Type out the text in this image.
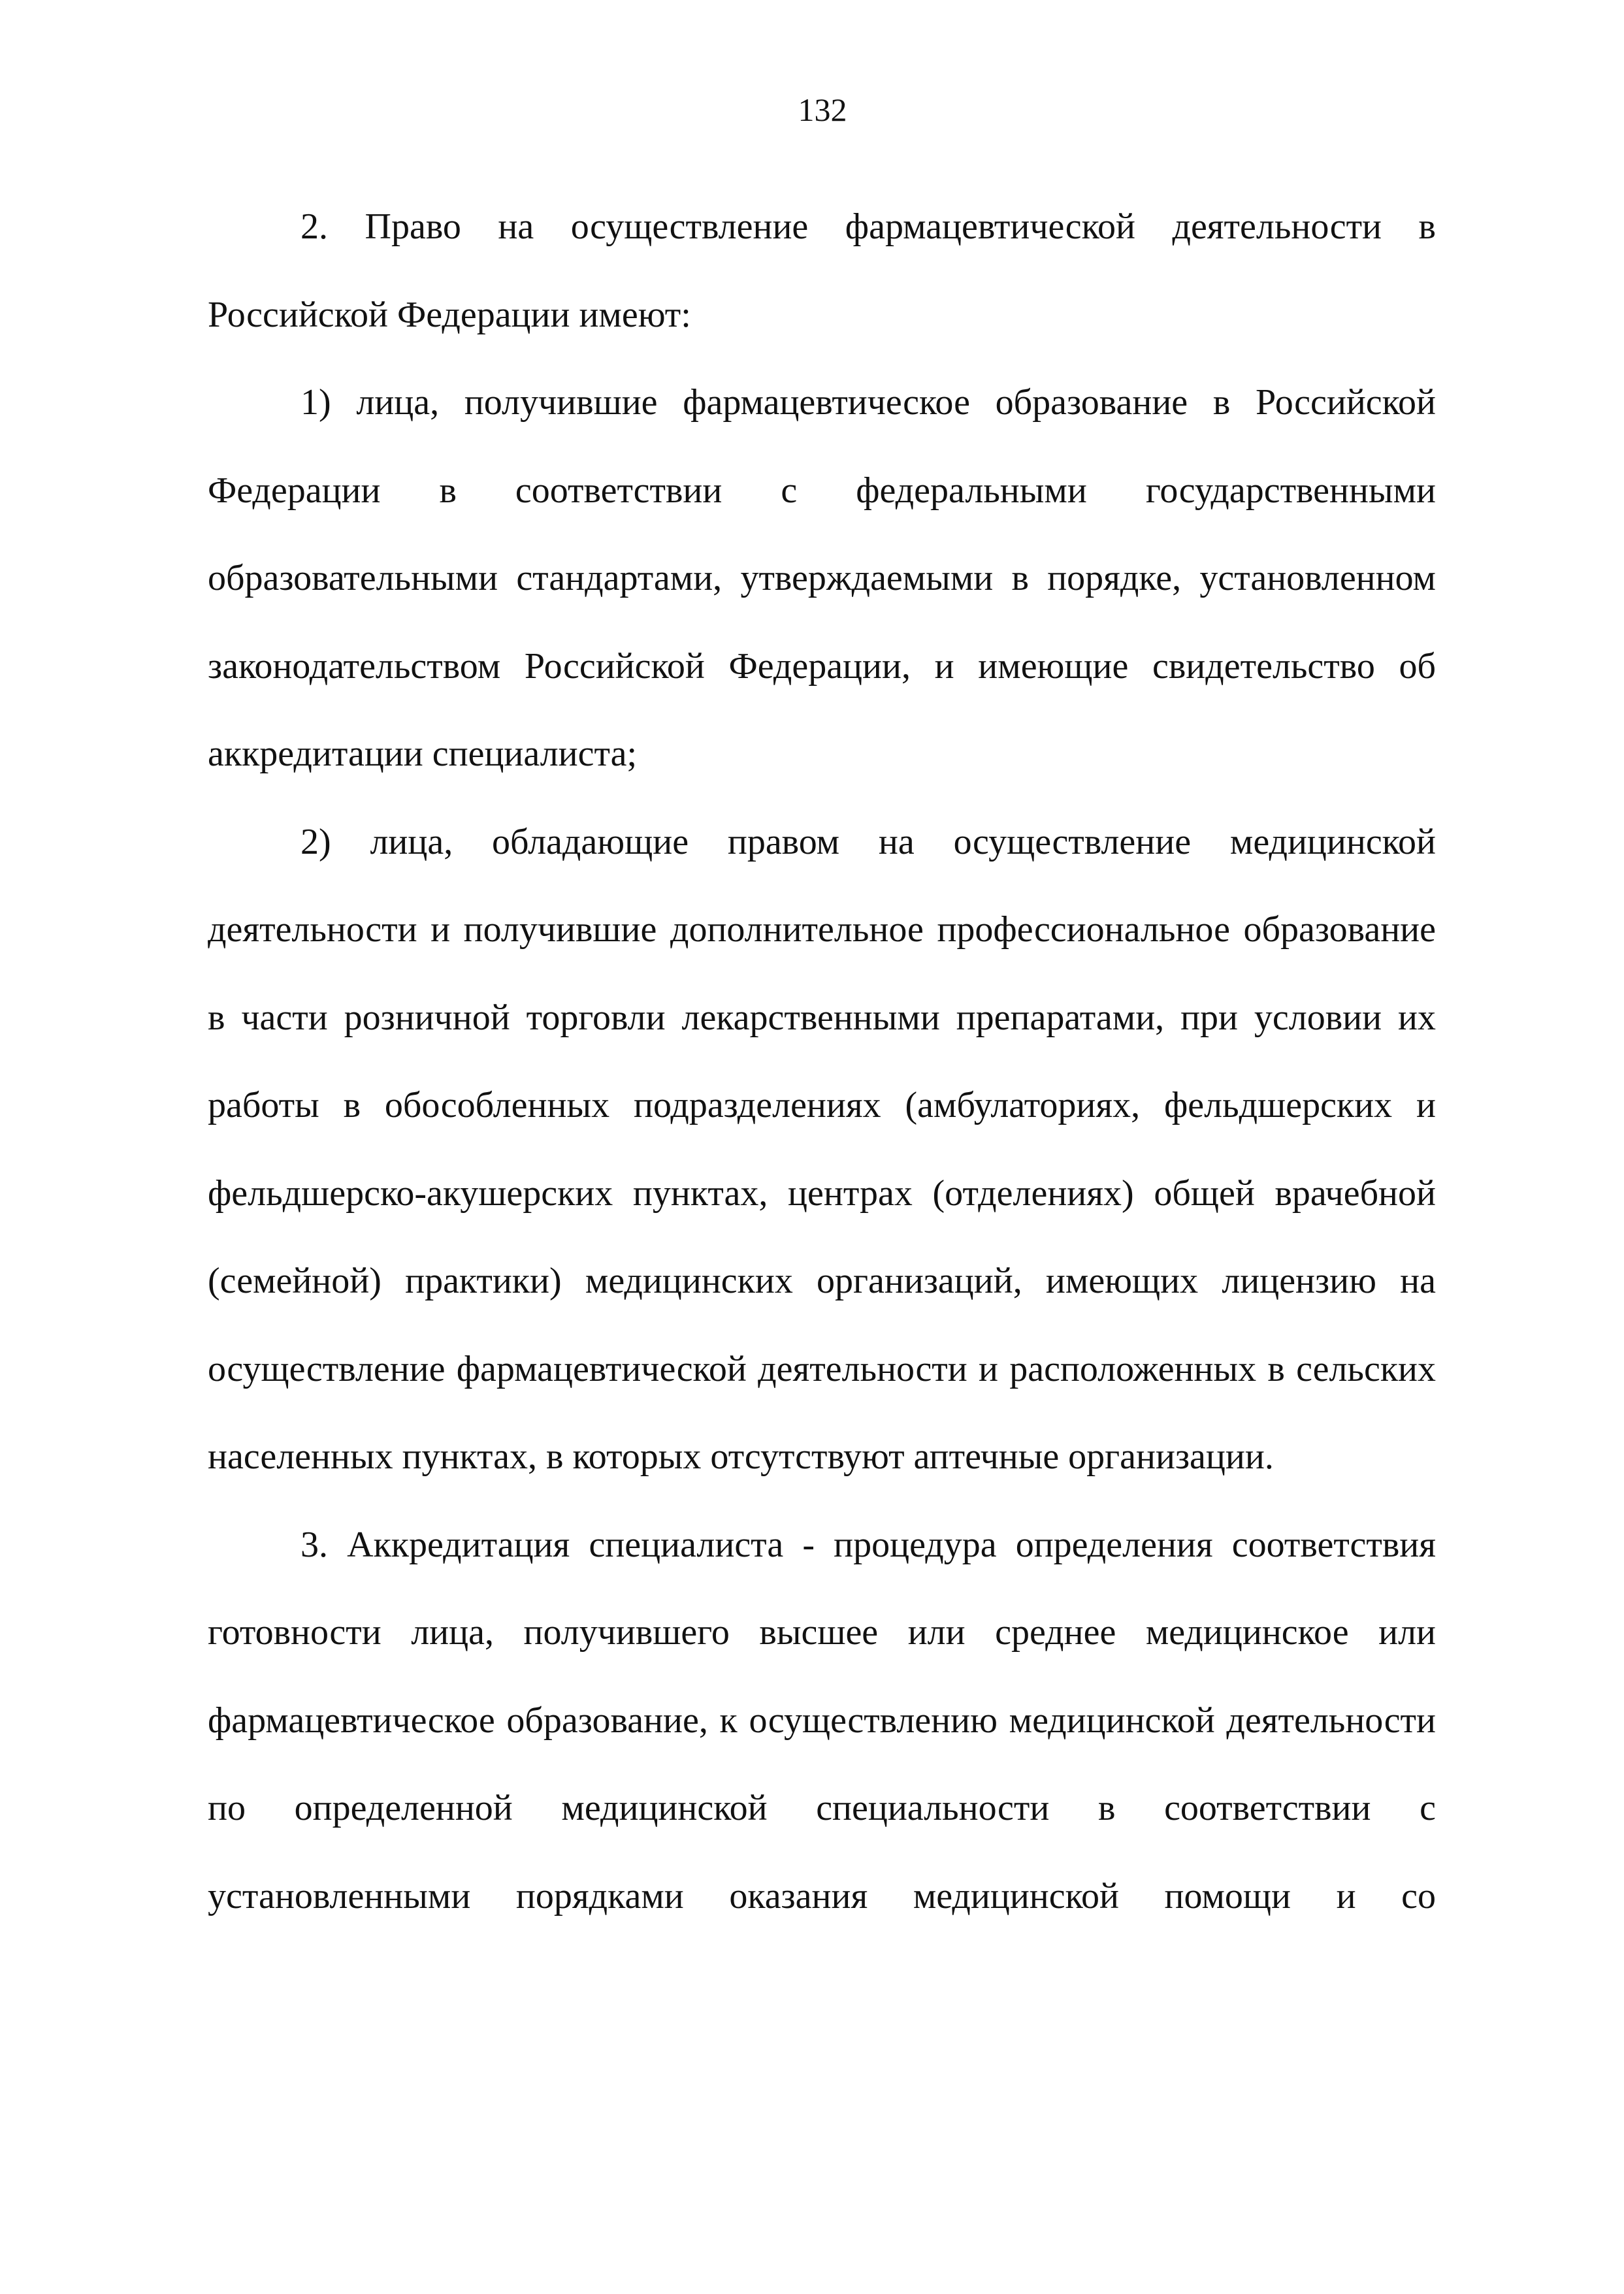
132

2. Право на осуществление фармацевтической деятельности в Российской Федерации имеют:

1) лица, получившие фармацевтическое образование в Российской Федерации в соответствии с федеральными государственными образовательными стандартами, утверждаемыми в порядке, установленном законодательством Российской Федерации, и имеющие свидетельство об аккредитации специалиста;

2) лица, обладающие правом на осуществление медицинской деятельности и получившие дополнительное профессиональное образование в части розничной торговли лекарственными препаратами, при условии их работы в обособленных подразделениях (амбулаториях, фельдшерских и фельдшерско-акушерских пунктах, центрах (отделениях) общей врачебной (семейной) практики) медицинских организаций, имеющих лицензию на осуществление фармацевтической деятельности и расположенных в сельских населенных пунктах, в которых отсутствуют аптечные организации.

3. Аккредитация специалиста - процедура определения соответствия готовности лица, получившего высшее или среднее медицинское или фармацевтическое образование, к осуществлению медицинской деятельности по определенной медицинской специальности в соответствии с установленными порядками оказания медицинской помощи и со
